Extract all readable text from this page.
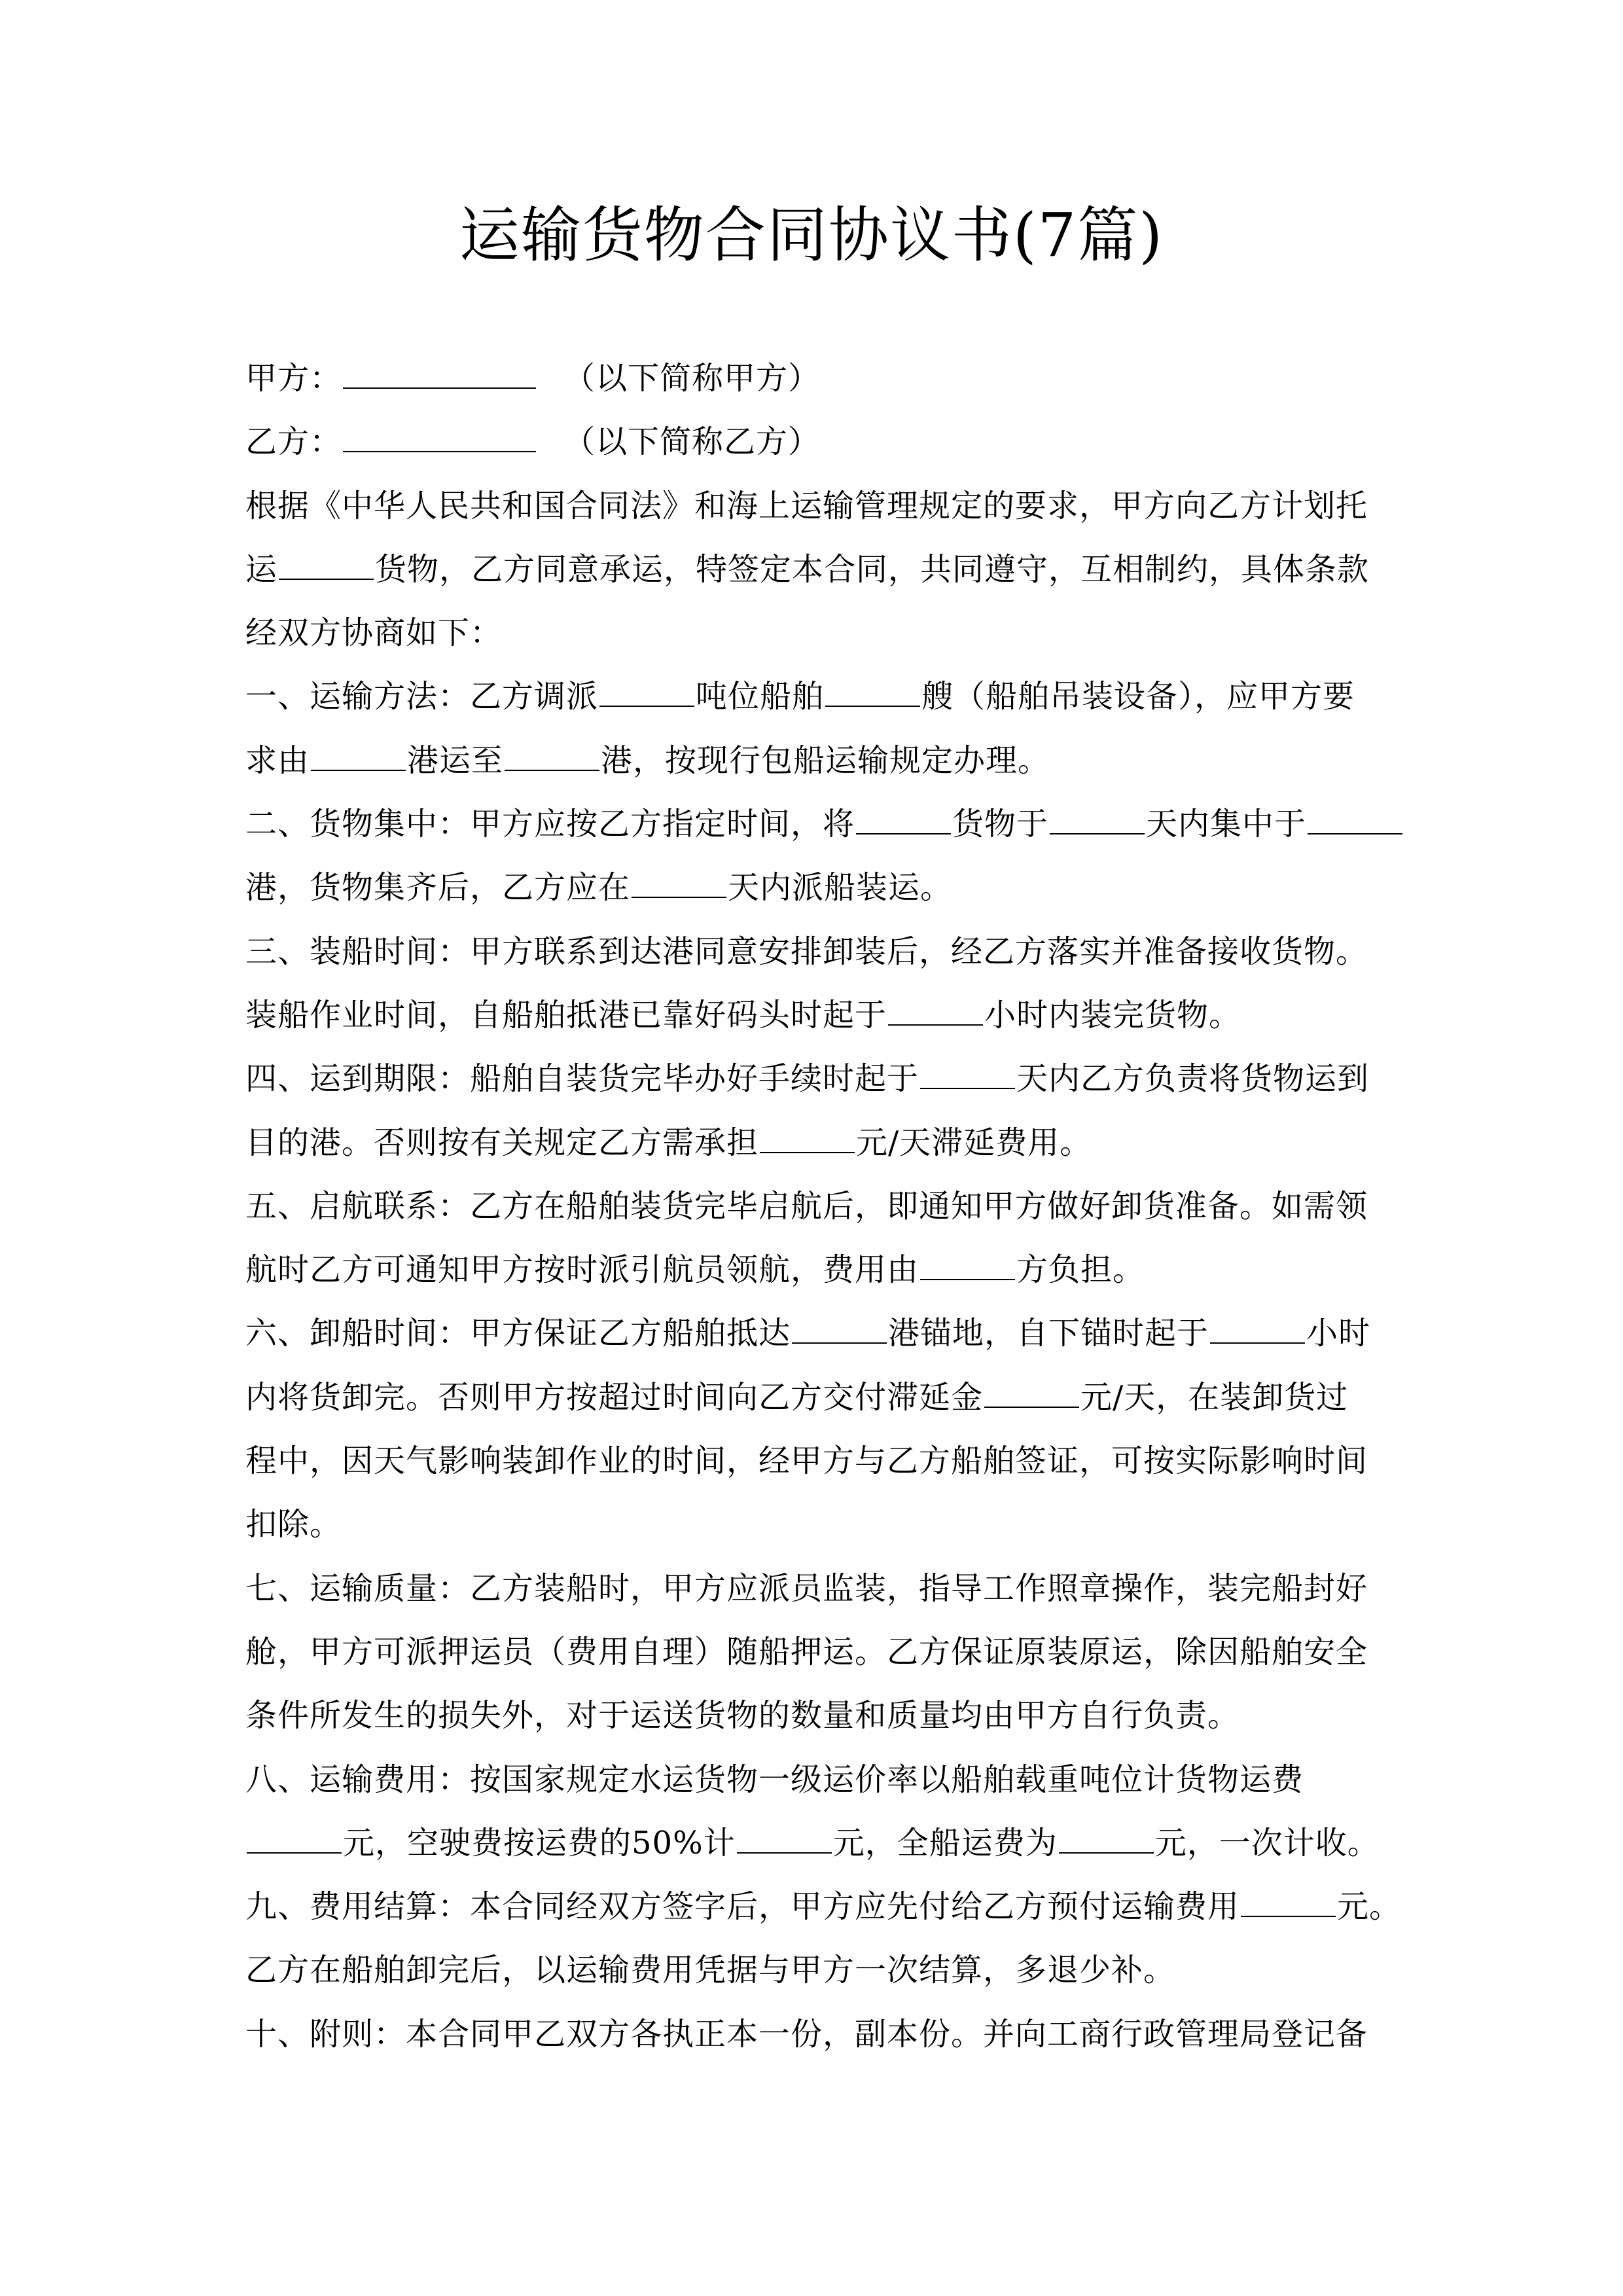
运输货物合同协议书(7篇)
甲方：	（以下简称甲方）
乙方：	（以下简称乙方）
根据《中华人民共和国合同法》和海上运输管理规定的要求，甲方向乙方计划托
运	货物，乙方同意承运，特签定本合同，共同遵守，互相制约，具体条款
经双方协商如下：
一、运输方法：乙方调派	吨位船舶	艘（船舶吊装设备），应甲方要
求由	港运至	港，按现行包船运输规定办理。
二、货物集中：甲方应按乙方指定时间，将	货物于	天内集中于
港，货物集齐后，乙方应在	天内派船装运。
三、装船时间：甲方联系到达港同意安排卸装后，经乙方落实并准备接收货物。
装船作业时间，自船舶抵港已靠好码头时起于	小时内装完货物。
四、运到期限：船舶自装货完毕办好手续时起于	天内乙方负责将货物运到
目的港。否则按有关规定乙方需承担	元/天滞延费用。
五、启航联系：乙方在船舶装货完毕启航后，即通知甲方做好卸货准备。如需领
航时乙方可通知甲方按时派引航员领航，费用由	方负担。
六、卸船时间：甲方保证乙方船舶抵达	港锚地，自下锚时起于	小时
内将货卸完。否则甲方按超过时间向乙方交付滞延金	元/天，在装卸货过
程中，因天气影响装卸作业的时间，经甲方与乙方船舶签证，可按实际影响时间
扣除。
七、运输质量：乙方装船时，甲方应派员监装，指导工作照章操作，装完船封好
舱，甲方可派押运员（费用自理）随船押运。乙方保证原装原运，除因船舶安全
条件所发生的损失外，对于运送货物的数量和质量均由甲方自行负责。
八、运输费用：按国家规定水运货物一级运价率以船舶载重吨位计货物运费
元，空驶费按运费的50%计	元，全船运费为	元，一次计收。
九、费用结算：本合同经双方签字后，甲方应先付给乙方预付运输费用	元。
乙方在船舶卸完后，以运输费用凭据与甲方一次结算，多退少补。
十、附则：本合同甲乙双方各执正本一份，副本份。并向工商行政管理局登记备
